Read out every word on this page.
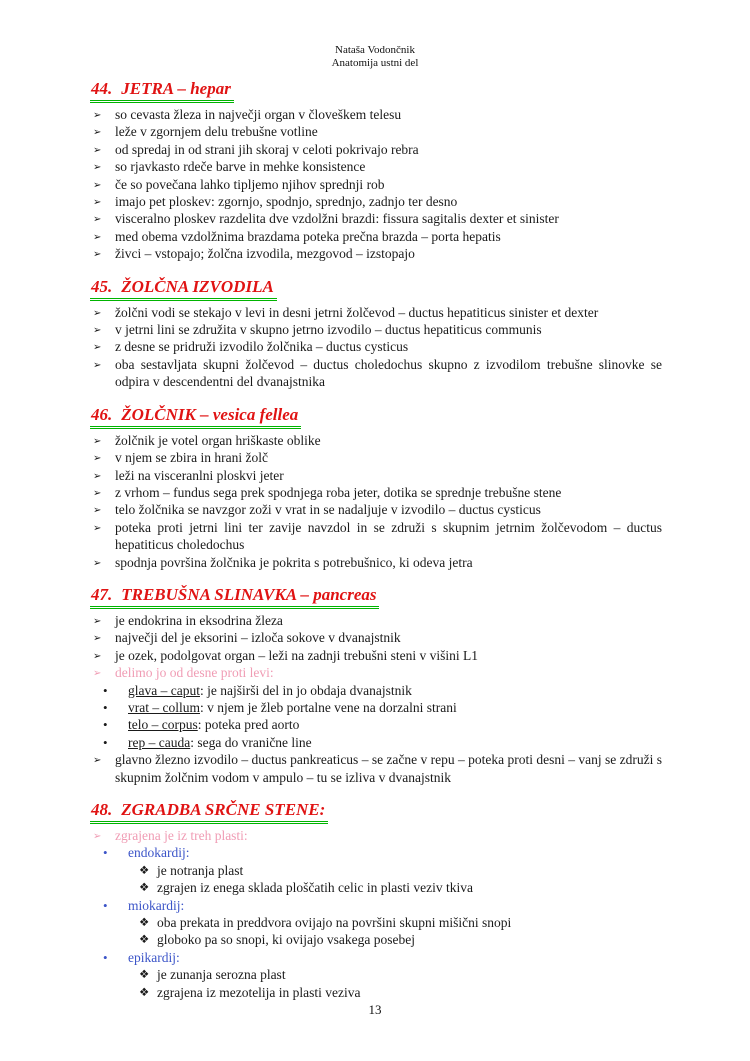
Nataša Vodončnik
Anatomija ustni del
44. JETRA – hepar
➢ so cevasta žleza in največji organ v človeškem telesu
➢ leže v zgornjem delu trebušne votline
➢ od spredaj in od strani jih skoraj v celoti pokrivajo rebra
➢ so rjavkasto rdeče barve in mehke konsistence
➢ če so povečana lahko tipljemo njihov sprednji rob
➢ imajo pet ploskev: zgornjo, spodnjo, sprednjo, zadnjo ter desno
➢ visceralno ploskev razdelita dve vzdolžni brazdi: fissura sagitalis dexter et sinister
➢ med obema vzdolžnima brazdama poteka prečna brazda – porta hepatis
➢ živci – vstopajo; žolčna izvodila, mezgovod – izstopajo
45. ŽOLČNA IZVODILA
➢ žolčni vodi se stekajo v levi in desni jetrni žolčevod – ductus hepatiticus sinister et dexter
➢ v jetrni lini se združita v skupno jetrno izvodilo – ductus hepatiticus communis
➢ z desne se pridruži izvodilo žolčnika – ductus cysticus
➢ oba sestavljata skupni žolčevod – ductus choledochus skupno z izvodilom trebušne slinovke se odpira v descendentni del dvanajstnika
46. ŽOLČNIK – vesica fellea
➢ žolčnik je votel organ hriškaste oblike
➢ v njem se zbira in hrani žolč
➢ leži na visceranlni ploskvi jeter
➢ z vrhom – fundus sega prek spodnjega roba jeter, dotika se sprednje trebušne stene
➢ telo žolčnika se navzgor zoži v vrat in se nadaljuje v izvodilo – ductus cysticus
➢ poteka proti jetrni lini ter zavije navzdol in se združi s skupnim jetrnim žolčevodom – ductus hepatiticus choledochus
➢ spodnja površina žolčnika je pokrita s potrebušnico, ki odeva jetra
47. TREBUŠNA SLINAVKA – pancreas
➢ je endokrina in eksodrina žleza
➢ največji del je eksorini – izloča sokove v dvanajstnik
➢ je ozek, podolgovat organ – leži na zadnji trebušni steni v višini L1
➢ delimo jo od desne proti levi:
• glava – caput: je najširši del in jo obdaja dvanajstnik
• vrat – collum: v njem je žleb portalne vene na dorzalni strani
• telo – corpus: poteka pred aorto
• rep – cauda: sega do vranične line
➢ glavno žlezno izvodilo – ductus pankreaticus – se začne v repu – poteka proti desni – vanj se združi s skupnim žolčnim vodom v ampulo – tu se izliva v dvanajstnik
48. ZGRADBA SRČNE STENE:
➢ zgrajena je iz treh plasti:
• endokardij:
❖ je notranja plast
❖ zgrajen iz enega sklada ploščatih celic in plasti veziv tkiva
• miokardij:
❖ oba prekata in preddvora ovijajo na površini skupni mišični snopi
❖ globoko pa so snopi, ki ovijajo vsakega posebej
• epikardij:
❖ je zunanja serozna plast
❖ zgrajena iz mezotelija in plasti veziva
13
